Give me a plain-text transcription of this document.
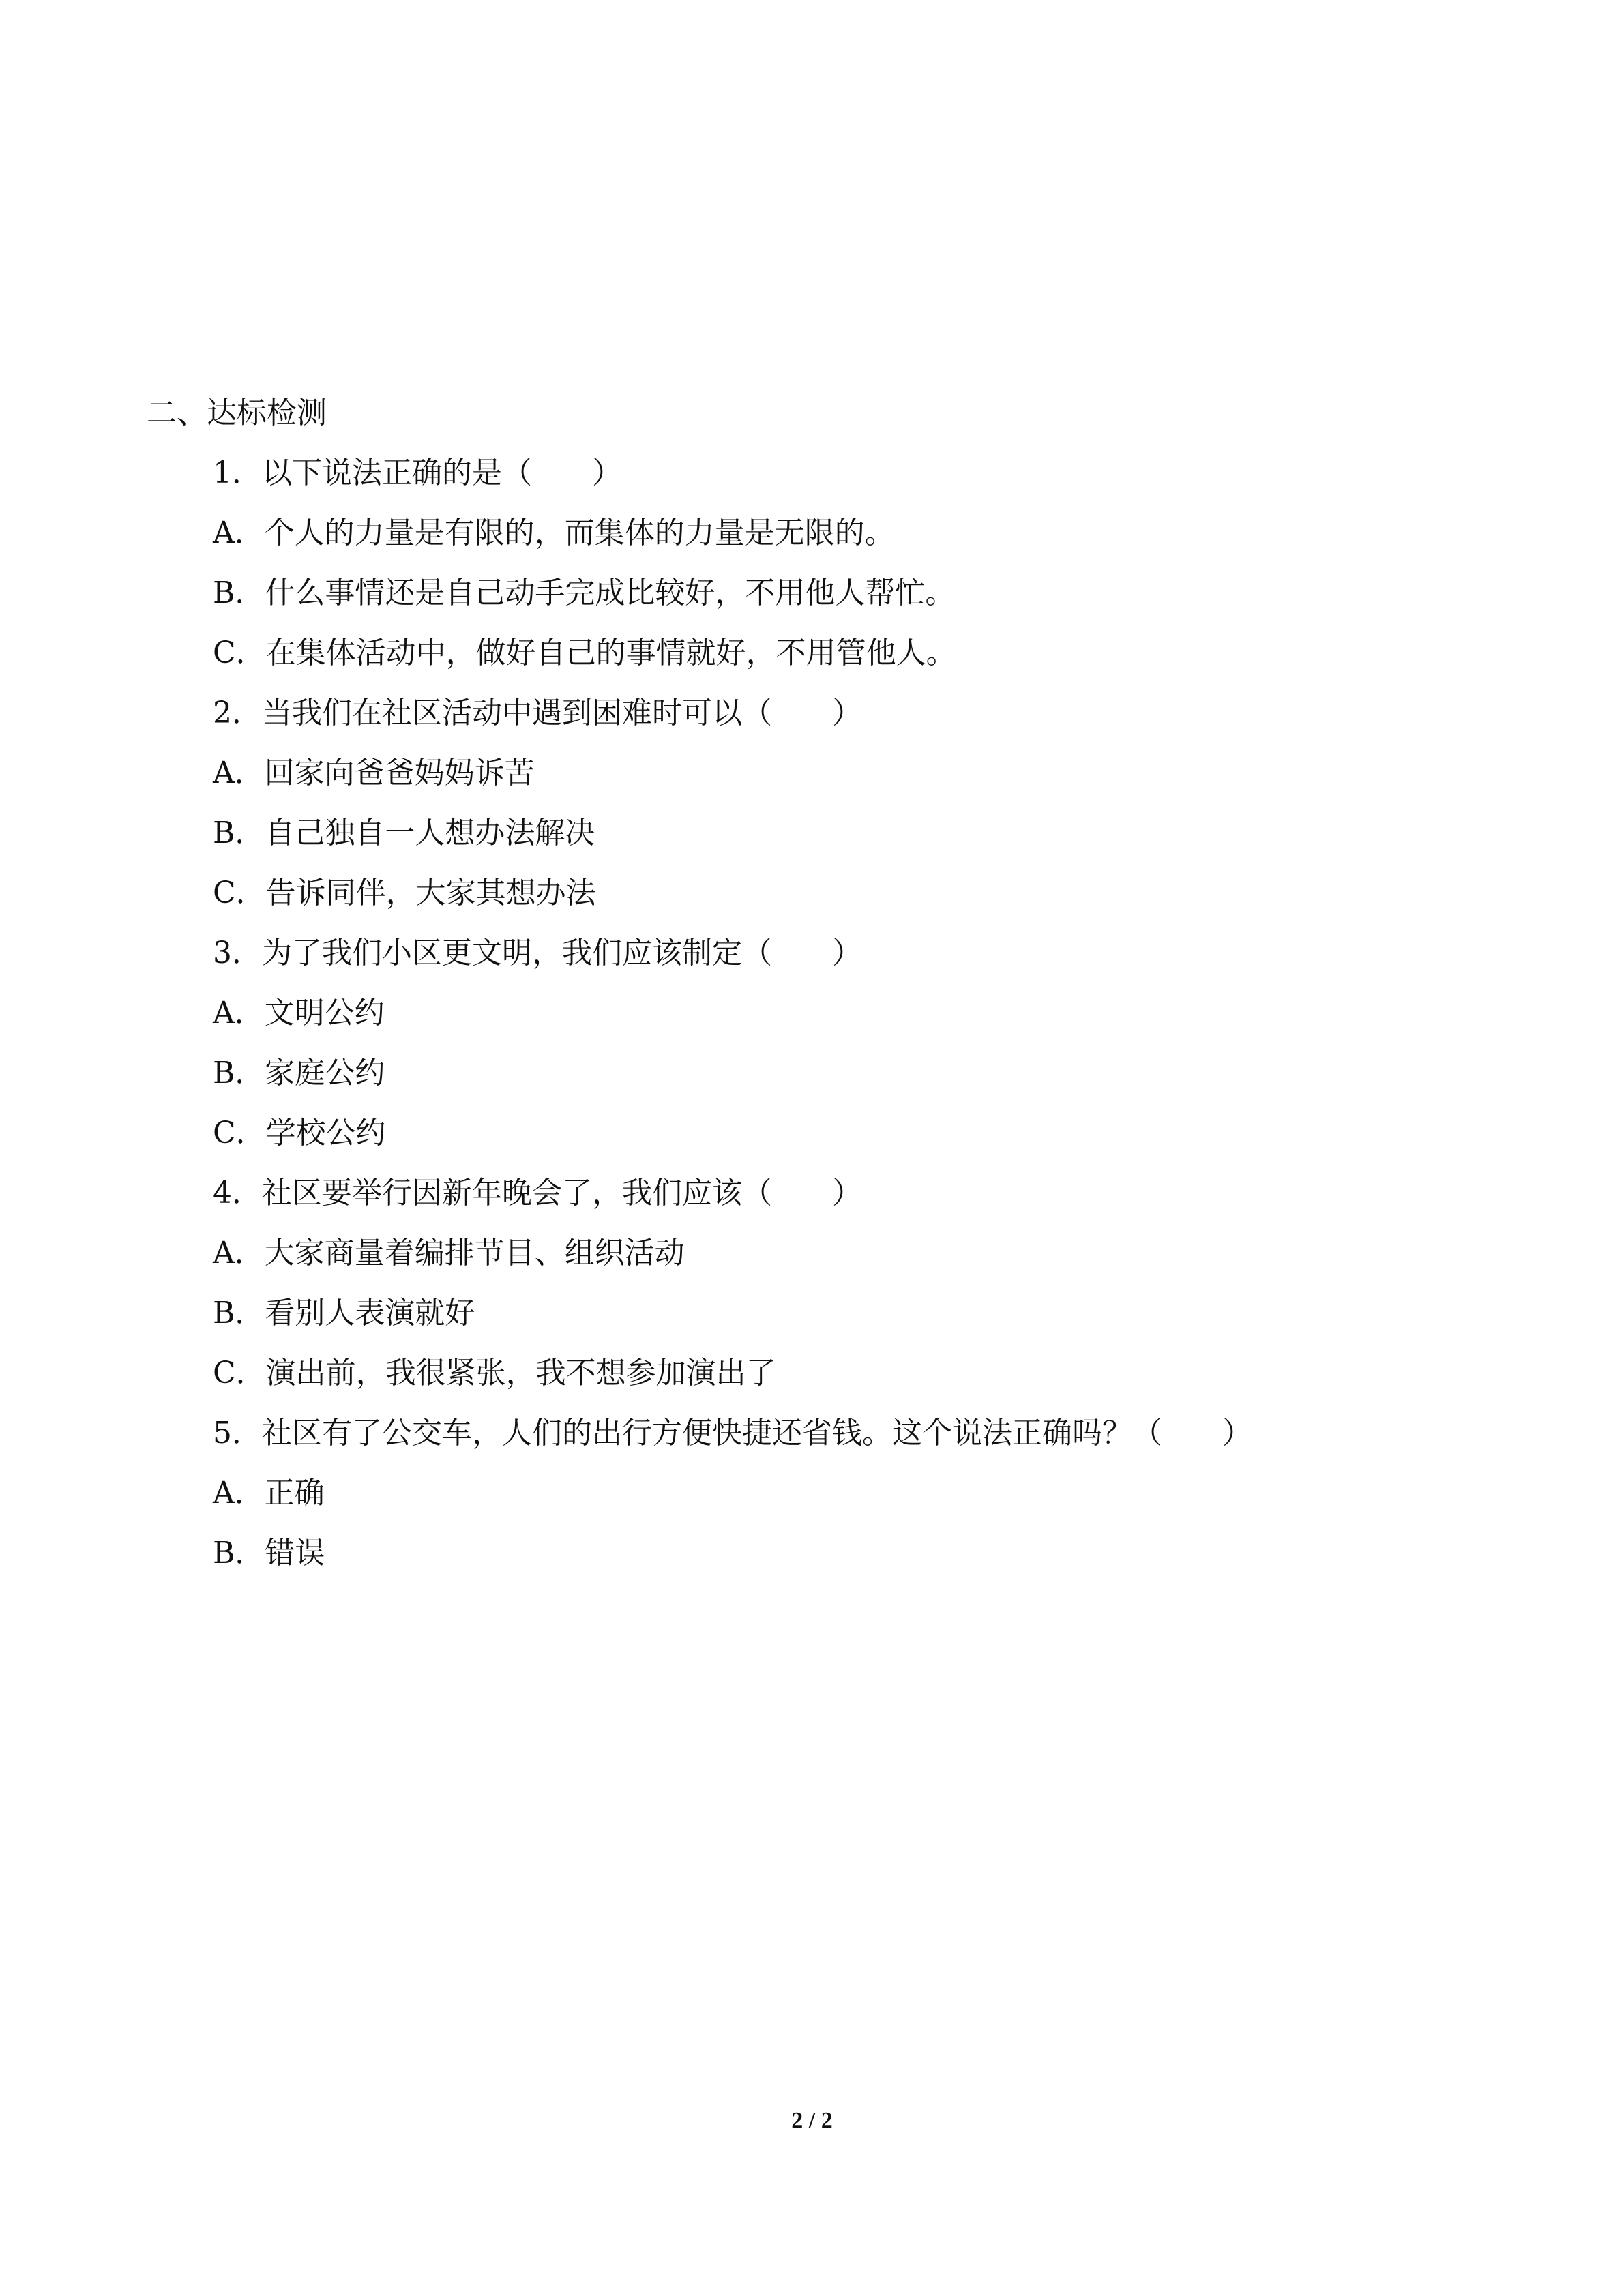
二、达标检测
1．以下说法正确的是（　　）
A．个人的力量是有限的，而集体的力量是无限的。
B．什么事情还是自己动手完成比较好，不用他人帮忙。
C．在集体活动中，做好自己的事情就好，不用管他人。
2．当我们在社区活动中遇到困难时可以（　　）
A．回家向爸爸妈妈诉苦
B．自己独自一人想办法解决
C．告诉同伴，大家其想办法
3．为了我们小区更文明，我们应该制定（　　）
A．文明公约
B．家庭公约
C．学校公约
4．社区要举行因新年晚会了，我们应该（　　）
A．大家商量着编排节目、组织活动
B．看别人表演就好
C．演出前，我很紧张，我不想参加演出了
5．社区有了公交车，人们的出行方便快捷还省钱。这个说法正确吗？（　　）
A．正确
B．错误
2 / 2
